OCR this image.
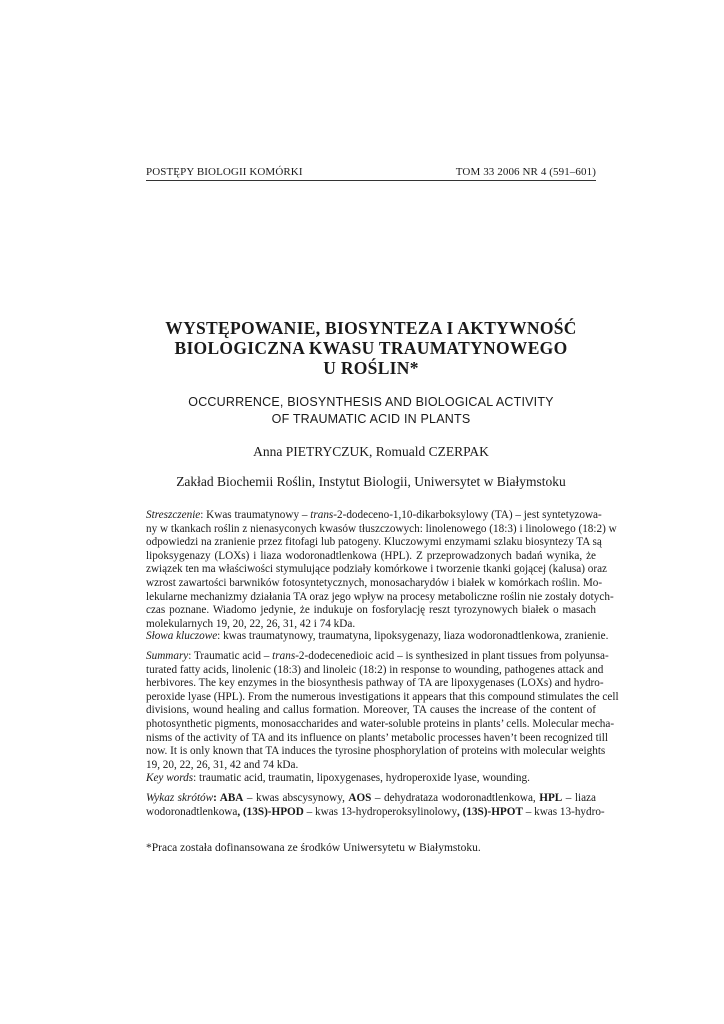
POSTĘPY BIOLOGII KOMÓRKI	TOM 33 2006 NR 4 (591–601)
WYSTĘPOWANIE, BIOSYNTEZA I AKTYWNOŚĆ
BIOLOGICZNA KWASU TRAUMATYNOWEGO
U ROŚLIN*
OCCURRENCE, BIOSYNTHESIS AND BIOLOGICAL ACTIVITY
OF TRAUMATIC ACID IN PLANTS
Anna PIETRYCZUK, Romuald CZERPAK
Zakład Biochemii Roślin, Instytut Biologii, Uniwersytet w Białymstoku
Streszczenie: Kwas traumatynowy – trans-2-dodeceno-1,10-dikarboksylowy (TA) – jest syntetyzowa-
ny w tkankach roślin z nienasyconych kwasów tłuszczowych: linolenowego (18:3) i linolowego (18:2) w
odpowiedzi na zranienie przez fitofagi lub patogeny. Kluczowymi enzymami szlaku biosyntezy TA są
lipoksygenazy (LOXs) i liaza wodoronadtlenkowa (HPL). Z przeprowadzonych badań wynika, że
związek ten ma właściwości stymulujące podziały komórkowe i tworzenie tkanki gojącej (kalusa) oraz
wzrost zawartości barwników fotosyntetycznych, monosacharydów i białek w komórkach roślin. Mo-
lekularne mechanizmy działania TA oraz jego wpływ na procesy metaboliczne roślin nie zostały dotych-
czas poznane. Wiadomo jedynie, że indukuje on fosforylację reszt tyrozynowych białek o masach
molekularnych 19, 20, 22, 26, 31, 42 i 74 kDa.
Słowa kluczowe: kwas traumatynowy, traumatyna, lipoksygenazy, liaza wodoronadtlenkowa, zranienie.
Summary: Traumatic acid – trans-2-dodecenedioic acid – is synthesized in plant tissues from polyunsa-
turated fatty acids, linolenic (18:3) and linoleic (18:2) in response to wounding, pathogenes attack and
herbivores. The key enzymes in the biosynthesis pathway of TA are lipoxygenases (LOXs) and hydro-
peroxide lyase (HPL). From the numerous investigations it appears that this compound stimulates the cell
divisions, wound healing and callus formation. Moreover, TA causes the increase of the content of
photosynthetic pigments, monosaccharides and water-soluble proteins in plants’ cells. Molecular mecha-
nisms of the activity of TA and its influence on plants’ metabolic processes haven’t been recognized till
now. It is only known that TA induces the tyrosine phosphorylation of proteins with molecular weights
19, 20, 22, 26, 31, 42 and 74 kDa.
Key words: traumatic acid, traumatin, lipoxygenases, hydroperoxide lyase, wounding.
Wykaz skrótów: ABA – kwas abscysynowy, AOS – dehydrataza wodoronadtlenkowa, HPL – liaza
wodoronadtlenkowa, (13S)-HPOD – kwas 13-hydroperoksylinolowy, (13S)-HPOT – kwas 13-hydro-
*Praca została dofinansowana ze środków Uniwersytetu w Białymstoku.
